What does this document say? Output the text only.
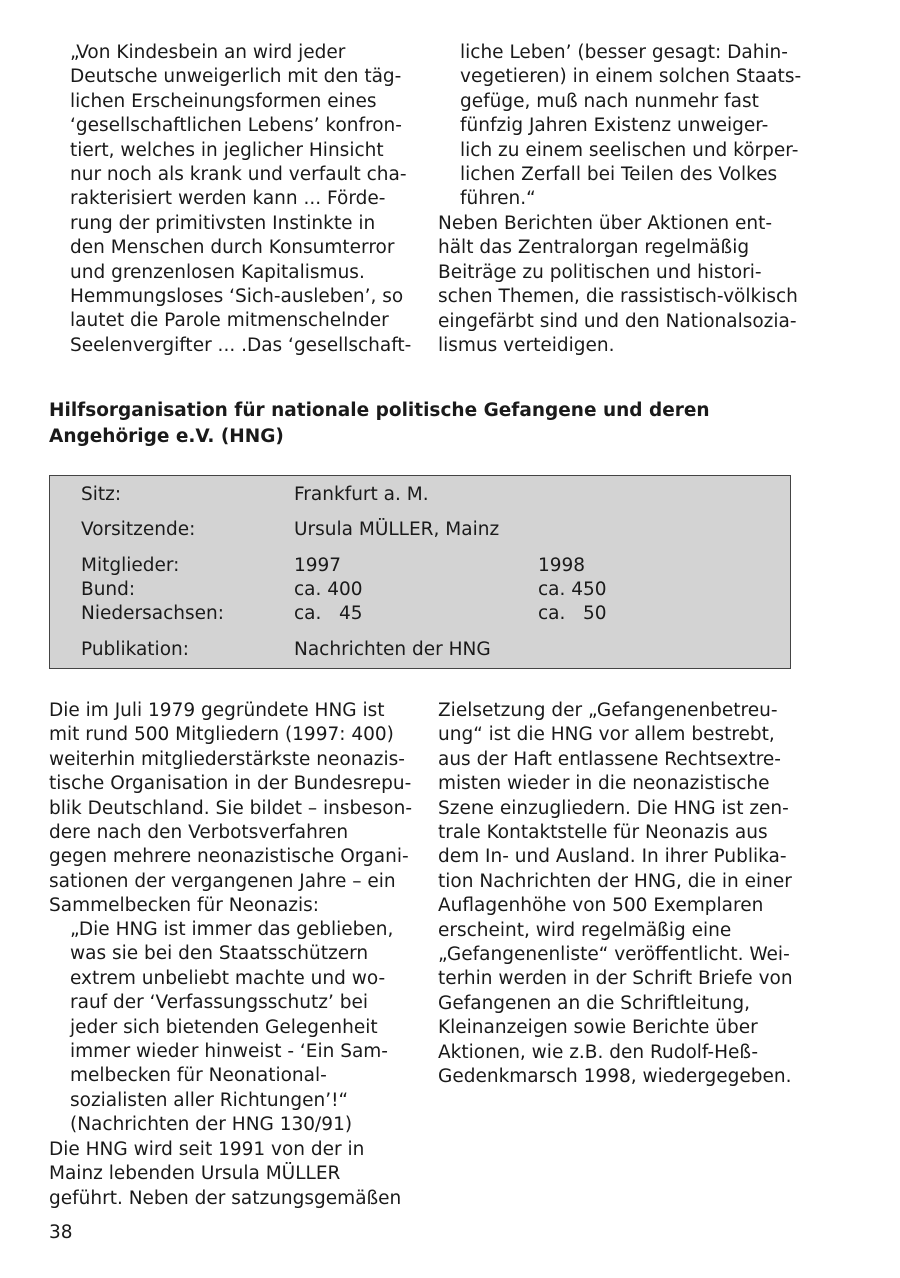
„Von Kindesbein an wird jeder
Deutsche unweigerlich mit den täg-
lichen Erscheinungsformen eines
‘gesellschaftlichen Lebens’ konfron-
tiert, welches in jeglicher Hinsicht
nur noch als krank und verfault cha-
rakterisiert werden kann ... Förde-
rung der primitivsten Instinkte in
den Menschen durch Konsumterror
und grenzenlosen Kapitalismus.
Hemmungsloses ‘Sich-ausleben’, so
lautet die Parole mitmenschelnder
Seelenvergifter ... .Das ‘gesellschaft-
liche Leben’ (besser gesagt: Dahin-
vegetieren) in einem solchen Staats-
gefüge, muß nach nunmehr fast
fünfzig Jahren Existenz unweiger-
lich zu einem seelischen und körper-
lichen Zerfall bei Teilen des Volkes
führen.“
Neben Berichten über Aktionen ent-
hält das Zentralorgan regelmäßig
Beiträge zu politischen und histori-
schen Themen, die rassistisch-völkisch
eingefärbt sind und den Nationalsozia-
lismus verteidigen.
Hilfsorganisation für nationale politische Gefangene und deren
Angehörige e.V. (HNG)
Sitz:	Frankfurt a. M.
Vorsitzende:	Ursula MÜLLER, Mainz
Mitglieder:	1997	1998
Bund:	ca. 400	ca. 450
Niedersachsen:	ca.   45	ca.   50
Publikation:	Nachrichten der HNG
Die im Juli 1979 gegründete HNG ist
mit rund 500 Mitgliedern (1997: 400)
weiterhin mitgliederstärkste neonazis-
tische Organisation in der Bundesrepu-
blik Deutschland. Sie bildet – insbeson-
dere nach den Verbotsverfahren
gegen mehrere neonazistische Organi-
sationen der vergangenen Jahre – ein
Sammelbecken für Neonazis:
„Die HNG ist immer das geblieben,
was sie bei den Staatsschützern
extrem unbeliebt machte und wo-
rauf der ‘Verfassungsschutz’ bei
jeder sich bietenden Gelegenheit
immer wieder hinweist - ‘Ein Sam-
melbecken für Neonational-
sozialisten aller Richtungen’!“
(Nachrichten der HNG 130/91)
Die HNG wird seit 1991 von der in
Mainz lebenden Ursula MÜLLER
geführt. Neben der satzungsgemäßen
Zielsetzung der „Gefangenenbetreu-
ung“ ist die HNG vor allem bestrebt,
aus der Haft entlassene Rechtsextre-
misten wieder in die neonazistische
Szene einzugliedern. Die HNG ist zen-
trale Kontaktstelle für Neonazis aus
dem In- und Ausland. In ihrer Publika-
tion Nachrichten der HNG, die in einer
Auflagenhöhe von 500 Exemplaren
erscheint, wird regelmäßig eine
„Gefangenenliste“ veröffentlicht. Wei-
terhin werden in der Schrift Briefe von
Gefangenen an die Schriftleitung,
Kleinanzeigen sowie Berichte über
Aktionen, wie z.B. den Rudolf-Heß-
Gedenkmarsch 1998, wiedergegeben.
38
